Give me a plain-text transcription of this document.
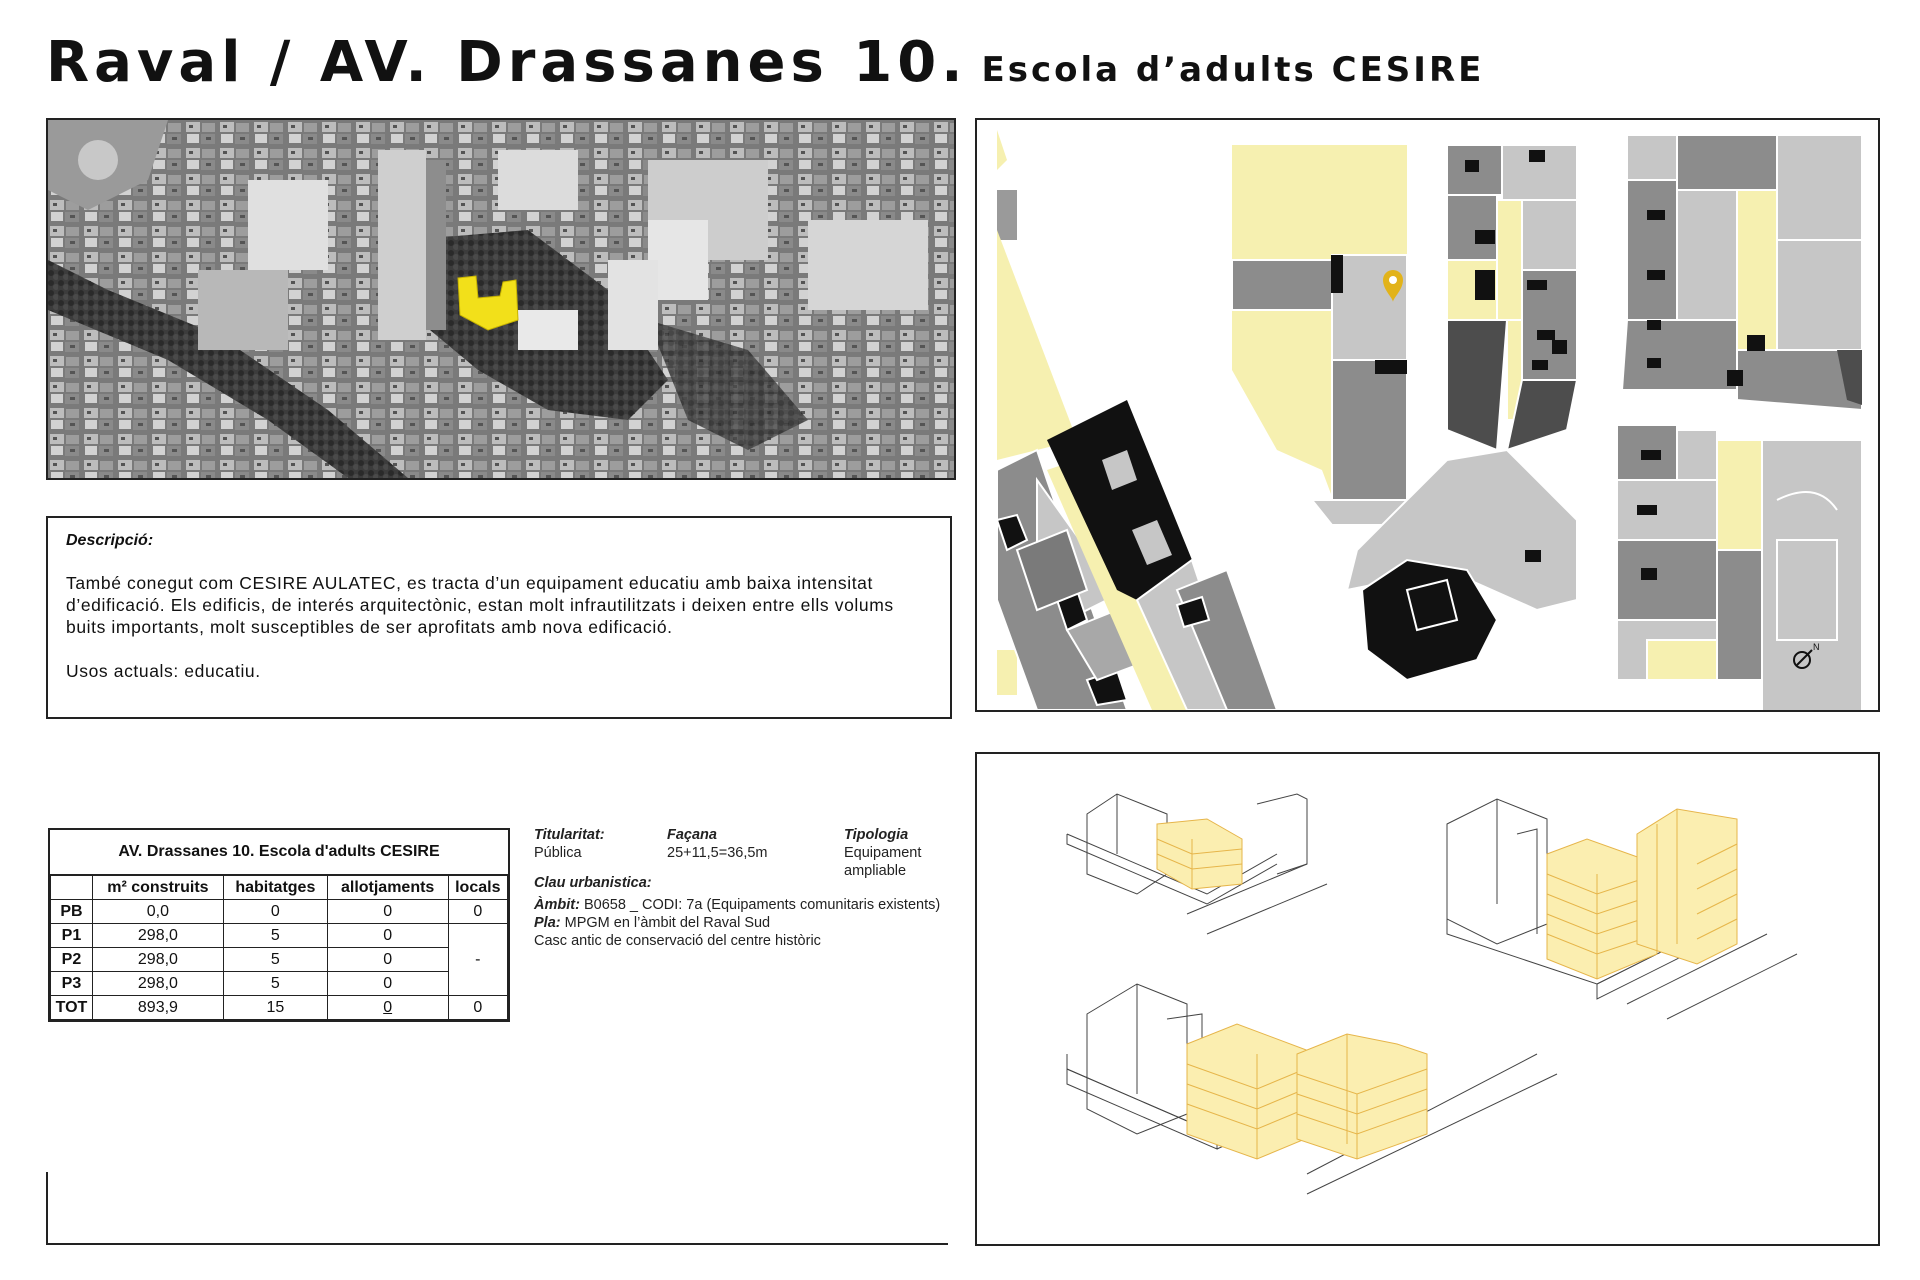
Raval / AV. Drassanes 10. Escola d’adults CESIRE
Descripció:

També conegut com CESIRE AULATEC, es tracta d’un equipament educatiu amb baixa intensitat d’edificació. Els edificis, de interés arquitectònic, estan molt infrautilitzats i deixen entre ells volums buits importants, molt susceptibles de ser aprofitats amb nova edificació.

Usos actuals: educatiu.

N
AV. Drassanes 10. Escola d'adults CESIRE				
	m² construits	habitatges	allotjaments	locals
PB	0,0	0	0	0
P1	298,0	5	0	-
P2	298,0	5	0	
P3	298,0	5	0	
TOT	893,9	15	0	0
Titularitat:
Pública
Façana
25+11,5=36,5m
Tipologia
Equipament ampliable
Clau urbanistica:
Àmbit: B0658 _ CODI: 7a (Equipaments comunitaris existents)
Pla: MPGM en l’àmbit del Raval Sud
Casc antic de conservació del centre històric
